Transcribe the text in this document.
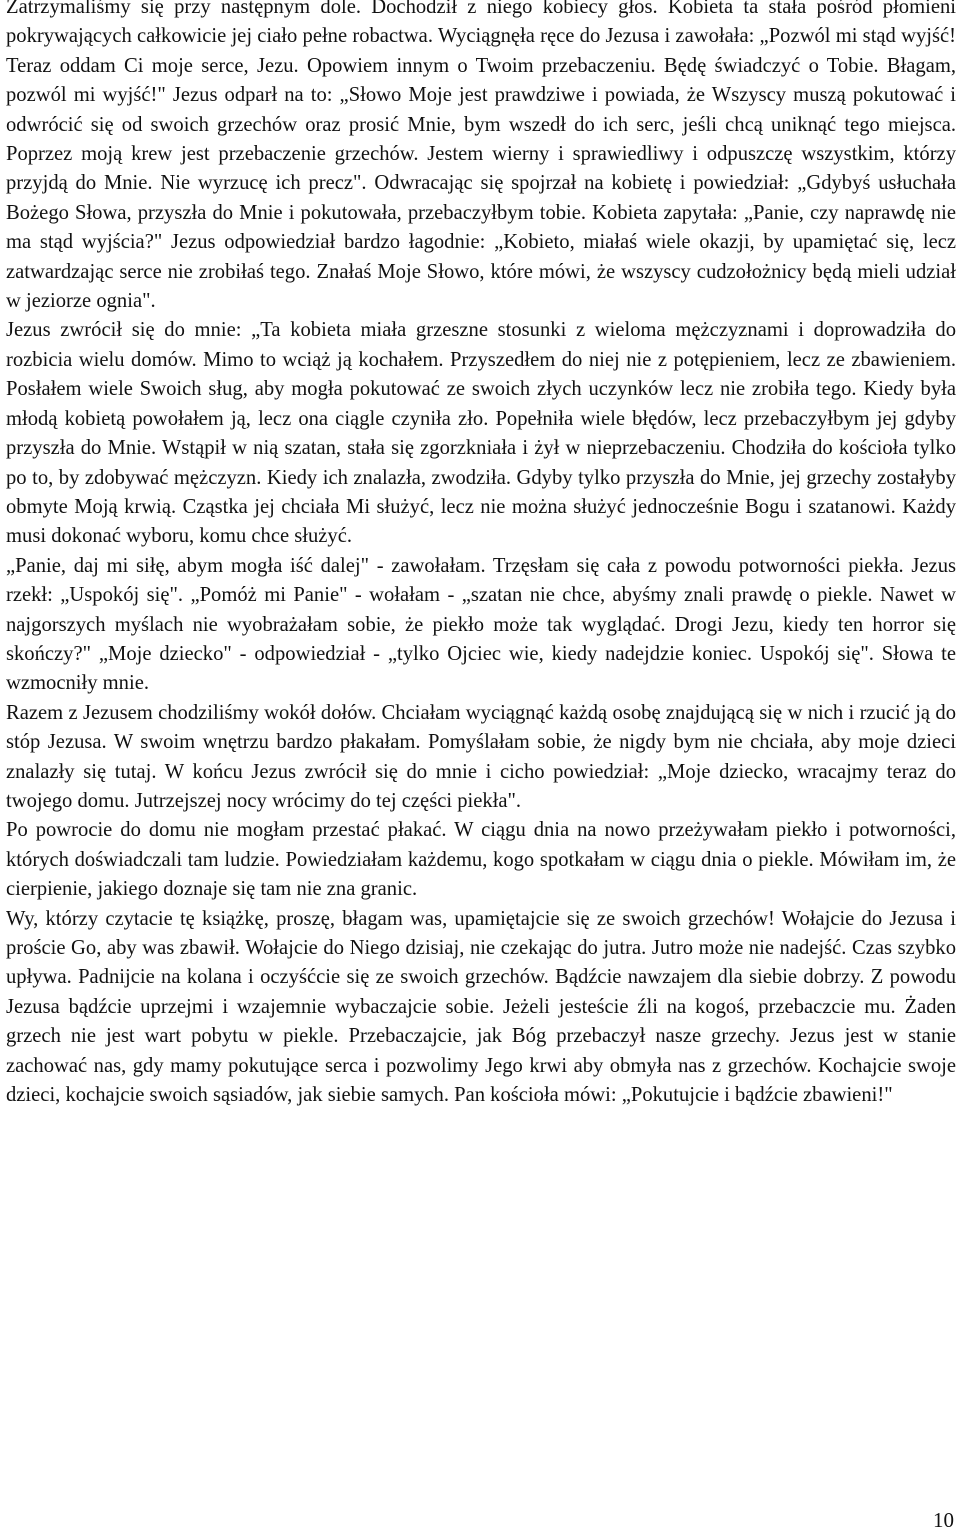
Zatrzymaliśmy się przy następnym dole. Dochodził z niego kobiecy głos. Kobieta ta stała pośród płomieni pokrywających całkowicie jej ciało pełne robactwa. Wyciągnęła ręce do Jezusa i zawołała: „Pozwól mi stąd wyjść! Teraz oddam Ci moje serce, Jezu. Opowiem innym o Twoim przebaczeniu. Będę świadczyć o Tobie. Błagam, pozwól mi wyjść!" Jezus odparł na to: „Słowo Moje jest prawdziwe i powiada, że Wszyscy muszą pokutować i odwrócić się od swoich grzechów oraz prosić Mnie, bym wszedł do ich serc, jeśli chcą uniknąć tego miejsca. Poprzez moją krew jest przebaczenie grzechów. Jestem wierny i sprawiedliwy i odpuszczę wszystkim, którzy przyjdą do Mnie. Nie wyrzucę ich precz". Odwracając się spojrzał na kobietę i powiedział: „Gdybyś usłuchała Bożego Słowa, przyszła do Mnie i pokutowała, przebaczyłbym tobie. Kobieta zapytała: „Panie, czy naprawdę nie ma stąd wyjścia?" Jezus odpowiedział bardzo łagodnie: „Kobieto, miałaś wiele okazji, by upamiętać się, lecz zatwardzając serce nie zrobiłaś tego. Znałaś Moje Słowo, które mówi, że wszyscy cudzołożnicy będą mieli udział w jeziorze ognia".

Jezus zwrócił się do mnie: „Ta kobieta miała grzeszne stosunki z wieloma mężczyznami i doprowadziła do rozbicia wielu domów. Mimo to wciąż ją kochałem. Przyszedłem do niej nie z potępieniem, lecz ze zbawieniem. Posłałem wiele Swoich sług, aby mogła pokutować ze swoich złych uczynków lecz nie zrobiła tego. Kiedy była młodą kobietą powołałem ją, lecz ona ciągle czyniła zło. Popełniła wiele błędów, lecz przebaczyłbym jej gdyby przyszła do Mnie. Wstąpił w nią szatan, stała się zgorzkniała i żył w nieprzebaczeniu. Chodziła do kościoła tylko po to, by zdobywać mężczyzn. Kiedy ich znalazła, zwodziła. Gdyby tylko przyszła do Mnie, jej grzechy zostałyby obmyte Moją krwią. Cząstka jej chciała Mi służyć, lecz nie można służyć jednocześnie Bogu i szatanowi. Każdy musi dokonać wyboru, komu chce służyć.

„Panie, daj mi siłę, abym mogła iść dalej" - zawołałam. Trzęsłam się cała z powodu potworności piekła. Jezus rzekł: „Uspokój się". „Pomóż mi Panie" - wołałam - „szatan nie chce, abyśmy znali prawdę o piekle. Nawet w najgorszych myślach nie wyobrażałam sobie, że piekło może tak wyglądać. Drogi Jezu, kiedy ten horror się skończy?" „Moje dziecko" - odpowiedział - „tylko Ojciec wie, kiedy nadejdzie koniec. Uspokój się". Słowa te wzmocniły mnie.

Razem z Jezusem chodziliśmy wokół dołów. Chciałam wyciągnąć każdą osobę znajdującą się w nich i rzucić ją do stóp Jezusa. W swoim wnętrzu bardzo płakałam. Pomyślałam sobie, że nigdy bym nie chciała, aby moje dzieci znalazły się tutaj. W końcu Jezus zwrócił się do mnie i cicho powiedział: „Moje dziecko, wracajmy teraz do twojego domu. Jutrzejszej nocy wrócimy do tej części piekła".

Po powrocie do domu nie mogłam przestać płakać. W ciągu dnia na nowo przeżywałam piekło i potworności, których doświadczali tam ludzie. Powiedziałam każdemu, kogo spotkałam w ciągu dnia o piekle. Mówiłam im, że cierpienie, jakiego doznaje się tam nie zna granic.

Wy, którzy czytacie tę książkę, proszę, błagam was, upamiętajcie się ze swoich grzechów! Wołajcie do Jezusa i proście Go, aby was zbawił. Wołajcie do Niego dzisiaj, nie czekając do jutra. Jutro może nie nadejść. Czas szybko upływa. Padnijcie na kolana i oczyśćcie się ze swoich grzechów. Bądźcie nawzajem dla siebie dobrzy. Z powodu Jezusa bądźcie uprzejmi i wzajemnie wybaczajcie sobie. Jeżeli jesteście źli na kogoś, przebaczcie mu. Żaden grzech nie jest wart pobytu w piekle. Przebaczajcie, jak Bóg przebaczył nasze grzechy. Jezus jest w stanie zachować nas, gdy mamy pokutujące serca i pozwolimy Jego krwi aby obmyła nas z grzechów. Kochajcie swoje dzieci, kochajcie swoich sąsiadów, jak siebie samych. Pan kościoła mówi: „Pokutujcie i bądźcie zbawieni!"

10
